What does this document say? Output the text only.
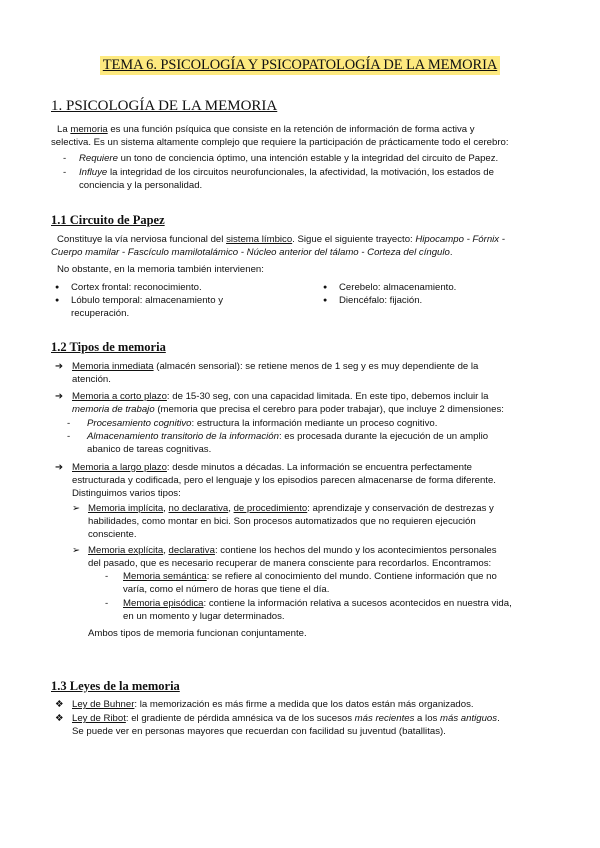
TEMA 6. PSICOLOGÍA Y PSICOPATOLOGÍA DE LA MEMORIA
1. PSICOLOGÍA DE LA MEMORIA
La memoria es una función psíquica que consiste en la retención de información de forma activa y
selectiva. Es un sistema altamente complejo que requiere la participación de prácticamente todo el cerebro:
- Requiere un tono de conciencia óptimo, una intención estable y la integridad del circuito de Papez.
- Influye la integridad de los circuitos neurofuncionales, la afectividad, la motivación, los estados de
conciencia y la personalidad.
1.1 Circuito de Papez
Constituye la vía nerviosa funcional del sistema límbico. Sigue el siguiente trayecto: Hipocampo - Fórnix -
Cuerpo mamilar - Fascículo mamilotalámico - Núcleo anterior del tálamo - Corteza del cíngulo.
No obstante, en la memoria también intervienen:
● Cortex frontal: reconocimiento.
● Lóbulo temporal: almacenamiento y
recuperación.
● Cerebelo: almacenamiento.
● Diencéfalo: fijación.
1.2 Tipos de memoria
➔ Memoria inmediata (almacén sensorial): se retiene menos de 1 seg y es muy dependiente de la
atención.
➔ Memoria a corto plazo: de 15-30 seg, con una capacidad limitada. En este tipo, debemos incluir la
memoria de trabajo (memoria que precisa el cerebro para poder trabajar), que incluye 2 dimensiones:
- Procesamiento cognitivo: estructura la información mediante un proceso cognitivo.
- Almacenamiento transitorio de la información: es procesada durante la ejecución de un amplio
abanico de tareas cognitivas.
➔ Memoria a largo plazo: desde minutos a décadas. La información se encuentra perfectamente
estructurada y codificada, pero el lenguaje y los episodios parecen almacenarse de forma diferente.
Distinguimos varios tipos:
➢ Memoria implícita, no declarativa, de procedimiento: aprendizaje y conservación de destrezas y
habilidades, como montar en bici. Son procesos automatizados que no requieren ejecución
consciente.
➢ Memoria explícita, declarativa: contiene los hechos del mundo y los acontecimientos personales
del pasado, que es necesario recuperar de manera consciente para recordarlos. Encontramos:
- Memoria semántica: se refiere al conocimiento del mundo. Contiene información que no
varía, como el número de horas que tiene el día.
- Memoria episódica: contiene la información relativa a sucesos acontecidos en nuestra vida,
en un momento y lugar determinados.
Ambos tipos de memoria funcionan conjuntamente.
1.3 Leyes de la memoria
❖ Ley de Buhner: la memorización es más firme a medida que los datos están más organizados.
❖ Ley de Ribot: el gradiente de pérdida amnésica va de los sucesos más recientes a los más antiguos.
Se puede ver en personas mayores que recuerdan con facilidad su juventud (batallitas).
